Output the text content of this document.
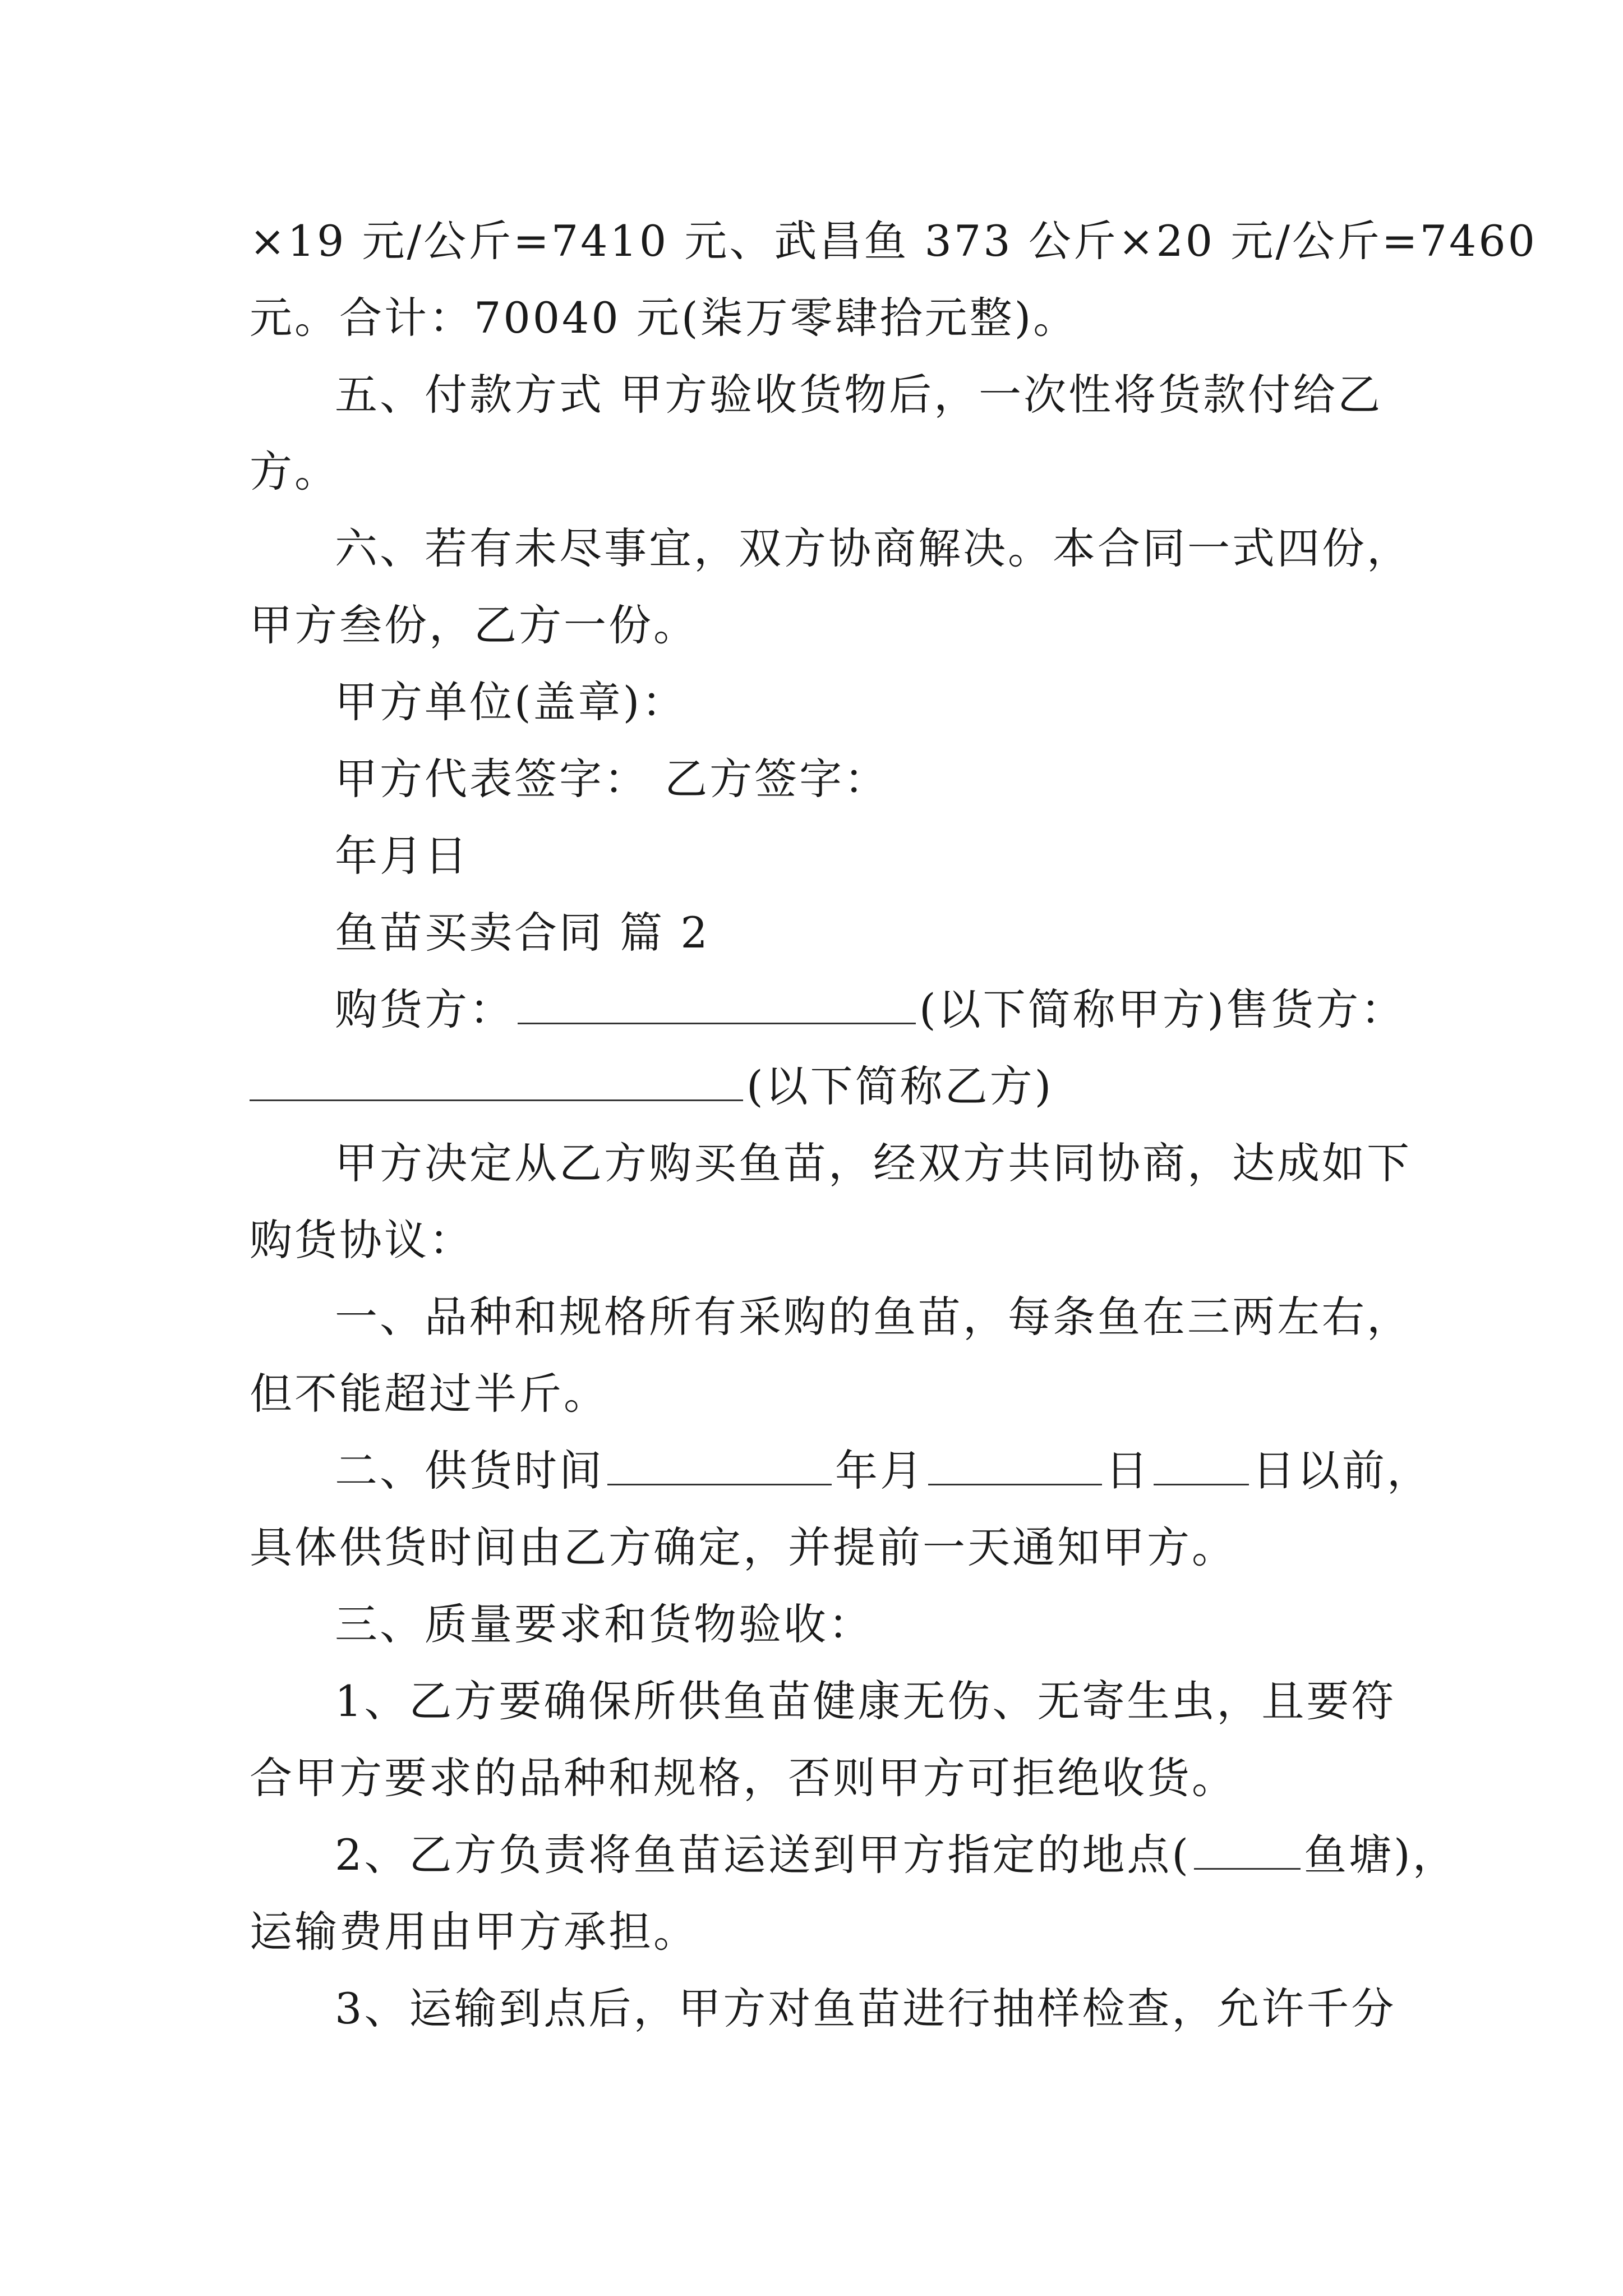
×19 元/公斤=7410 元、武昌鱼 373 公斤×20 元/公斤=7460
元。合计：70040 元(柒万零肆拾元整)。
五、付款方式 甲方验收货物后，一次性将货款付给乙
方。
六、若有未尽事宜，双方协商解决。本合同一式四份，
甲方叁份，乙方一份。
甲方单位(盖章)：
甲方代表签字： 乙方签字：
年月日
鱼苗买卖合同 篇 2
购货方：	(以下简称甲方)售货方：
(以下简称乙方)
甲方决定从乙方购买鱼苗，经双方共同协商，达成如下
购货协议：
一、品种和规格所有采购的鱼苗，每条鱼在三两左右，
但不能超过半斤。
二、供货时间	年月	日 日以前，
具体供货时间由乙方确定，并提前一天通知甲方。
三、质量要求和货物验收：
1、乙方要确保所供鱼苗健康无伤、无寄生虫，且要符
合甲方要求的品种和规格，否则甲方可拒绝收货。
2、乙方负责将鱼苗运送到甲方指定的地点(	鱼塘)，
运输费用由甲方承担。
3、运输到点后，甲方对鱼苗进行抽样检查，允许千分
